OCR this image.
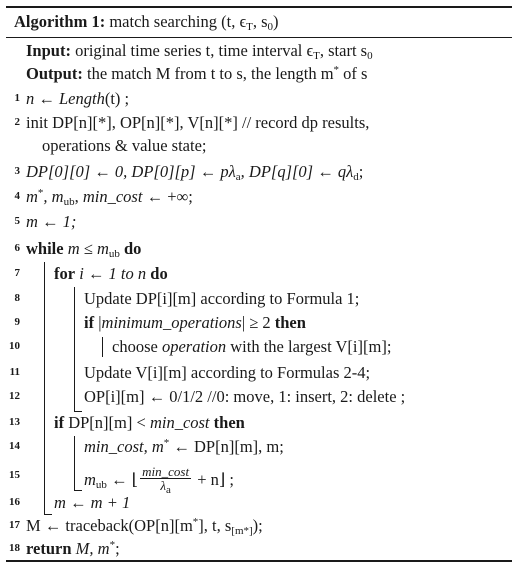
Algorithm 1: match searching (t, $\epsilon_T$, $s_0$)
Input: original time series t, time interval $\epsilon_T$, start $s_0$
Output: the match M from t to s, the length m* of s
1 n ← Length(t) ;
2 init DP[n][*], OP[n][*], V[n][*] // record dp results,
operations & value state;
3 DP[0][0] ← 0, DP[0][p] ← $p\lambda_a$, DP[q][0] ← $q\lambda_d$;
4 m*, $m_{ub}$, min_cost ← +∞;
5 m ← 1;
6 while $m \le m_{ub}$ do
7 for i ← 1 to n do
8	Update DP[i][m] according to Formula 1;
9	if |minimum_operations| ≥ 2 then
10	choose operation with the largest V[i][m];
11	Update V[i][m] according to Formulas 2-4;
12	OP[i][m] ← 0/1/2 //0: move, 1: insert, 2: delete ;
13 if DP[n][m] < min_cost then
14	min_cost, m* ← DP[n][m], m;
15	$m_{ub}$ ← ⌊ $\frac{\min\_\cos t}{\lambda_a}$ + n⌋ ;
16 m ← m + 1
17 M ← traceback(OP[n][m*], t, $s_{[m*]}$);
18 return M, m*;
